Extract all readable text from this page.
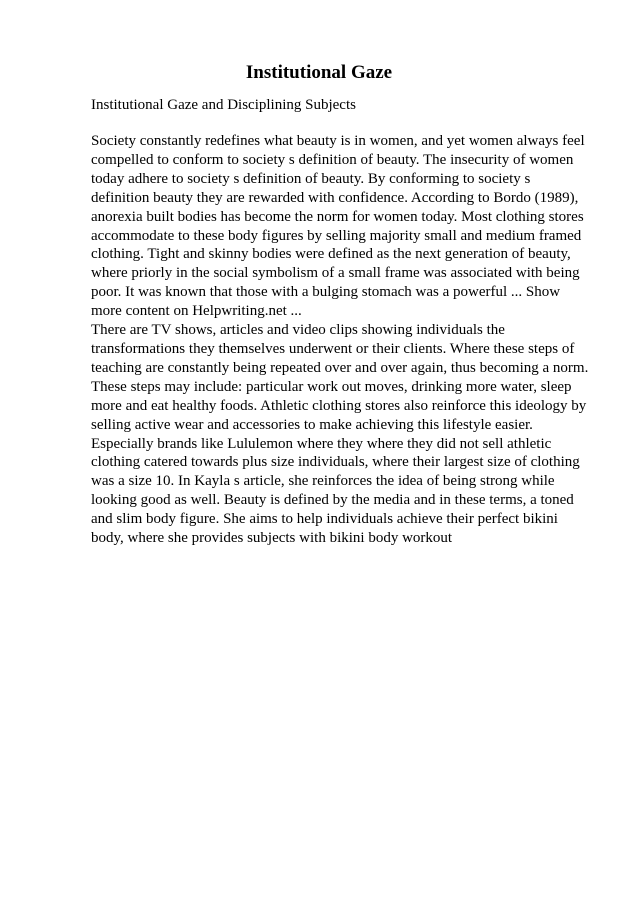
Institutional Gaze
Institutional Gaze and Disciplining Subjects

Society constantly redefines what beauty is in women, and yet women always feel compelled to conform to society s definition of beauty. The insecurity of women today adhere to society s definition of beauty. By conforming to society s definition beauty they are rewarded with confidence. According to Bordo (1989), anorexia built bodies has become the norm for women today. Most clothing stores accommodate to these body figures by selling majority small and medium framed clothing. Tight and skinny bodies were defined as the next generation of beauty, where priorly in the social symbolism of a small frame was associated with being poor. It was known that those with a bulging stomach was a powerful ... Show more content on Helpwriting.net ...

There are TV shows, articles and video clips showing individuals the transformations they themselves underwent or their clients. Where these steps of teaching are constantly being repeated over and over again, thus becoming a norm. These steps may include: particular work out moves, drinking more water, sleep more and eat healthy foods. Athletic clothing stores also reinforce this ideology by selling active wear and accessories to make achieving this lifestyle easier. Especially brands like Lululemon where they where they did not sell athletic clothing catered towards plus size individuals, where their largest size of clothing was a size 10. In Kayla s article, she reinforces the idea of being strong while looking good as well. Beauty is defined by the media and in these terms, a toned and slim body figure. She aims to help individuals achieve their perfect bikini body, where she provides subjects with bikini body workout
